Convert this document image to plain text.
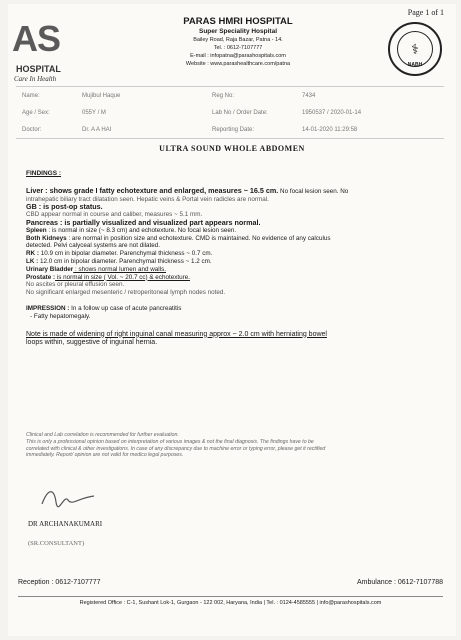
Page 1 of 1
AS
HOSPITAL
Care In Health
PARAS HMRI HOSPITAL
Super Speciality Hospital
Bailey Road, Raja Bazar, Patna - 14.
Tel. : 0612-7107777
E-mail : infopatna@parashospitals.com
Website : www.parashealthcare.com/patna
⚕
NABH
Name:	Mujibul Haque	Reg No:	7434
Age / Sex:	055Y / M	Lab No / Order Date:	1950537 / 2020-01-14
Doctor:	Dr. A A HAI	Reporting Date:	14-01-2020 11:29:58
ULTRA SOUND WHOLE ABDOMEN
FINDINGS :

Liver : shows grade I fatty echotexture and enlarged, measures ~ 16.5 cm. No focal lesion seen. No

intrahepatic biliary tract dilatation seen. Hepatic veins & Portal vein radicles are normal.

GB : is post-op status.

CBD appear normal in course and caliber, measures ~ 5.1 mm.

Pancreas : is partially visualized and visualized part appears normal.

Spleen : is normal in size (~ 8.3 cm) and echotexture. No focal lesion seen.

Both Kidneys : are normal in position size and echotexture. CMD is maintained. No evidence of any calculus

detected. Pelvi calyceal systems are not dilated.

RK : 10.9 cm in bipolar diameter. Parenchymal thickness ~ 0.7 cm.

LK : 12.0 cm in bipolar diameter. Parenchymal thickness ~ 1.2 cm.

Urinary Bladder : shows normal lumen and walls.

Prostate : is normal in size ( Vol. ~ 20.7 cc) & echotexture.

No ascites or pleural effusion seen.

No significant enlarged mesenteric / retroperitoneal lymph nodes noted.

IMPRESSION : In a follow up case of acute pancreatitis

- Fatty hepatomegaly.

Note is made of widening of right inguinal canal measuring approx ~ 2.0 cm with herniating bowel

loops within, suggestive of inguinal hernia.

Clinical and Lab correlation is recommended for further evaluation.
This is only a professional opinion based on interpretation of various images & not the final diagnosis. The findings have to be
correlated with clinical & other investigations. In case of any discrepancy due to machine error or typing error, please get it rectified
immediately. Report/ opinion are not valid for medico legal purposes.
DR ARCHANAKUMARI
(SR.CONSULTANT)
Reception : 0612-7107777	Ambulance : 0612-7107788
Registered Office : C-1, Sushant Lok-1, Gurgaon - 122 002, Haryana, India | Tel. : 0124-4585555 | info@parashospitals.com
